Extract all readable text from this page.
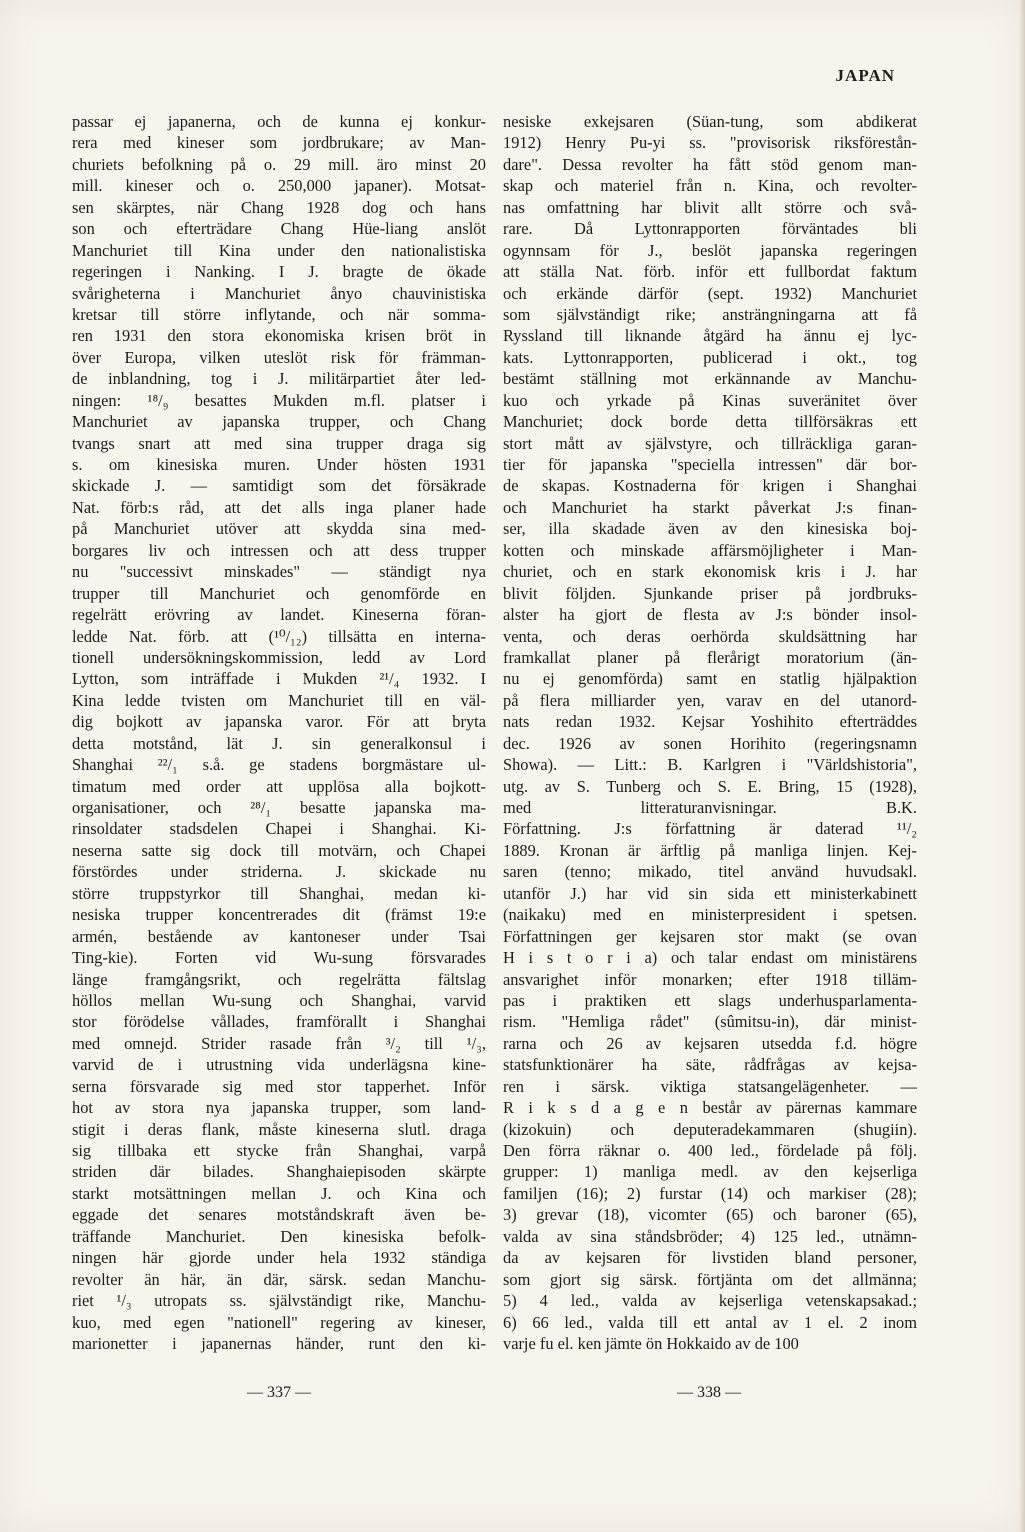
JAPAN
passar ej japanerna, och de kunna ej konkur-
rera med kineser som jordbrukare; av Man-
churiets befolkning på o. 29 mill. äro minst 20
mill. kineser och o. 250,000 japaner). Motsat-
sen skärptes, när Chang 1928 dog och hans
son och efterträdare Chang Hüe-liang anslöt
Manchuriet till Kina under den nationalistiska
regeringen i Nanking. I J. bragte de ökade
svårigheterna i Manchuriet ånyo chauvinistiska
kretsar till större inflytande, och när somma-
ren 1931 den stora ekonomiska krisen bröt in
över Europa, vilken uteslöt risk för främman-
de inblandning, tog i J. militärpartiet åter led-
ningen: ¹⁸/₉ besattes Mukden m.fl. platser i
Manchuriet av japanska trupper, och Chang
tvangs snart att med sina trupper draga sig
s. om kinesiska muren. Under hösten 1931
skickade J. — samtidigt som det försäkrade
Nat. förb:s råd, att det alls inga planer hade
på Manchuriet utöver att skydda sina med-
borgares liv och intressen och att dess trupper
nu "successivt minskades" — ständigt nya
trupper till Manchuriet och genomförde en
regelrätt erövring av landet. Kineserna föran-
ledde Nat. förb. att (¹⁰/₁₂) tillsätta en interna-
tionell undersökningskommission, ledd av Lord
Lytton, som inträffade i Mukden ²¹/₄ 1932. I
Kina ledde tvisten om Manchuriet till en väl-
dig bojkott av japanska varor. För att bryta
detta motstånd, lät J. sin generalkonsul i
Shanghai ²²/₁ s.å. ge stadens borgmästare ul-
timatum med order att upplösa alla bojkott-
organisationer, och ²⁸/₁ besatte japanska ma-
rinsoldater stadsdelen Chapei i Shanghai. Ki-
neserna satte sig dock till motvärn, och Chapei
förstördes under striderna. J. skickade nu
större truppstyrkor till Shanghai, medan ki-
nesiska trupper koncentrerades dit (främst 19:e
armén, bestående av kantoneser under Tsai
Ting-kie). Forten vid Wu-sung försvarades
länge framgångsrikt, och regelrätta fältslag
höllos mellan Wu-sung och Shanghai, varvid
stor förödelse vållades, framförallt i Shanghai
med omnejd. Strider rasade från ³/₂ till ¹/₃,
varvid de i utrustning vida underlägsna kine-
serna försvarade sig med stor tapperhet. Inför
hot av stora nya japanska trupper, som land-
stigit i deras flank, måste kineserna slutl. draga
sig tillbaka ett stycke från Shanghai, varpå
striden där bilades. Shanghaiepisoden skärpte
starkt motsättningen mellan J. och Kina och
eggade det senares motståndskraft även be-
träffande Manchuriet. Den kinesiska befolk-
ningen här gjorde under hela 1932 ständiga
revolter än här, än där, särsk. sedan Manchu-
riet ¹/₃ utropats ss. självständigt rike, Manchu-
kuo, med egen "nationell" regering av kineser,
marionetter i japanernas händer, runt den ki-
nesiske exkejsaren (Süan-tung, som abdikerat
1912) Henry Pu-yi ss. "provisorisk riksförestån-
dare". Dessa revolter ha fått stöd genom man-
skap och materiel från n. Kina, och revolter-
nas omfattning har blivit allt större och svå-
rare. Då Lyttonrapporten förväntades bli
ogynnsam för J., beslöt japanska regeringen
att ställa Nat. förb. inför ett fullbordat faktum
och erkände därför (sept. 1932) Manchuriet
som självständigt rike; ansträngningarna att få
Ryssland till liknande åtgärd ha ännu ej lyc-
kats. Lyttonrapporten, publicerad i okt., tog
bestämt ställning mot erkännande av Manchu-
kuo och yrkade på Kinas suveränitet över
Manchuriet; dock borde detta tillförsäkras ett
stort mått av självstyre, och tillräckliga garan-
tier för japanska "speciella intressen" där bor-
de skapas. Kostnaderna för krigen i Shanghai
och Manchuriet ha starkt påverkat J:s finan-
ser, illa skadade även av den kinesiska boj-
kotten och minskade affärsmöjligheter i Man-
churiet, och en stark ekonomisk kris i J. har
blivit följden. Sjunkande priser på jordbruks-
alster ha gjort de flesta av J:s bönder insol-
venta, och deras oerhörda skuldsättning har
framkallat planer på flerårigt moratorium (än-
nu ej genomförda) samt en statlig hjälpaktion
på flera milliarder yen, varav en del utanord-
nats redan 1932. Kejsar Yoshihito efterträddes
dec. 1926 av sonen Horihito (regeringsnamn
Showa). — Litt.: B. Karlgren i "Världshistoria",
utg. av S. Tunberg och S. E. Bring, 15 (1928),
med litteraturanvisningar. B.K.
Författning. J:s författning är daterad ¹¹/₂
1889. Kronan är ärftlig på manliga linjen. Kej-
saren (tenno; mikado, titel använd huvudsakl.
utanför J.) har vid sin sida ett ministerkabinett
(naikaku) med en ministerpresident i spetsen.
Författningen ger kejsaren stor makt (se ovan
H i s t o r i a) och talar endast om ministärens
ansvarighet inför monarken; efter 1918 tilläm-
pas i praktiken ett slags underhusparlamenta-
rism. "Hemliga rådet" (sûmitsu-in), där minist-
rarna och 26 av kejsaren utsedda f.d. högre
statsfunktionärer ha säte, rådfrågas av kejsa-
ren i särsk. viktiga statsangelägenheter. —
R i k s d a g e n består av pärernas kammare
(kizokuin) och deputeradekammaren (shugiin).
Den förra räknar o. 400 led., fördelade på följ.
grupper: 1) manliga medl. av den kejserliga
familjen (16); 2) furstar (14) och markiser (28);
3) grevar (18), vicomter (65) och baroner (65),
valda av sina ståndsbröder; 4) 125 led., utnämn-
da av kejsaren för livstiden bland personer,
som gjort sig särsk. förtjänta om det allmänna;
5) 4 led., valda av kejserliga vetenskapsakad.;
6) 66 led., valda till ett antal av 1 el. 2 inom
varje fu el. ken jämte ön Hokkaido av de 100
— 337 —	— 338 —
